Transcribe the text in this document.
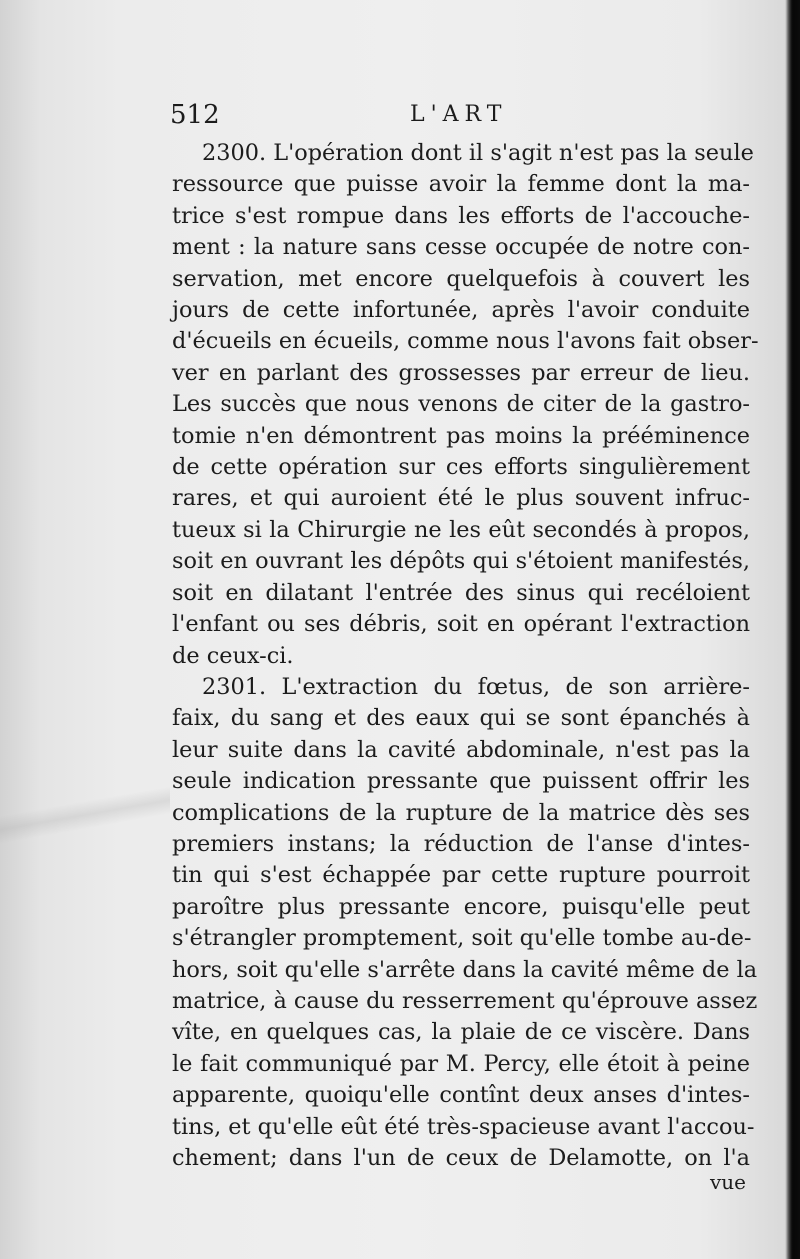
512	L'ART
2300. L'opération dont il s'agit n'est pas la seule
ressource que puisse avoir la femme dont la ma-
trice s'est rompue dans les efforts de l'accouche-
ment : la nature sans cesse occupée de notre con-
servation, met encore quelquefois à couvert les
jours de cette infortunée, après l'avoir conduite
d'écueils en écueils, comme nous l'avons fait obser-
ver en parlant des grossesses par erreur de lieu.
Les succès que nous venons de citer de la gastro-
tomie n'en démontrent pas moins la prééminence
de cette opération sur ces efforts singulièrement
rares, et qui auroient été le plus souvent infruc-
tueux si la Chirurgie ne les eût secondés à propos,
soit en ouvrant les dépôts qui s'étoient manifestés,
soit en dilatant l'entrée des sinus qui recéloient
l'enfant ou ses débris, soit en opérant l'extraction
de ceux-ci.
2301. L'extraction du fœtus, de son arrière-
faix, du sang et des eaux qui se sont épanchés à
leur suite dans la cavité abdominale, n'est pas la
seule indication pressante que puissent offrir les
complications de la rupture de la matrice dès ses
premiers instans; la réduction de l'anse d'intes-
tin qui s'est échappée par cette rupture pourroit
paroître plus pressante encore, puisqu'elle peut
s'étrangler promptement, soit qu'elle tombe au-de-
hors, soit qu'elle s'arrête dans la cavité même de la
matrice, à cause du resserrement qu'éprouve assez
vîte, en quelques cas, la plaie de ce viscère. Dans
le fait communiqué par M. Percy, elle étoit à peine
apparente, quoiqu'elle contînt deux anses d'intes-
tins, et qu'elle eût été très-spacieuse avant l'accou-
chement; dans l'un de ceux de Delamotte, on l'a
vue
